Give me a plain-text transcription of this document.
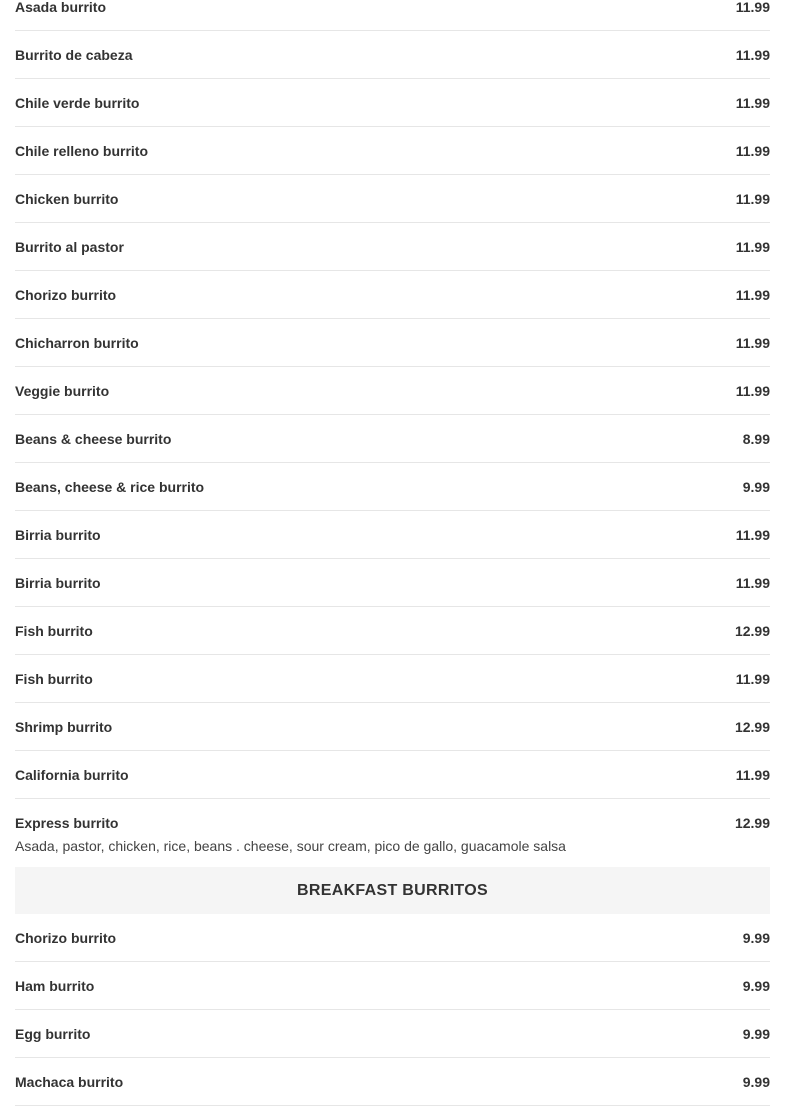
Asada burrito	11.99
Burrito de cabeza	11.99
Chile verde burrito	11.99
Chile relleno burrito	11.99
Chicken burrito	11.99
Burrito al pastor	11.99
Chorizo burrito	11.99
Chicharron burrito	11.99
Veggie burrito	11.99
Beans & cheese burrito	8.99
Beans, cheese & rice burrito	9.99
Birria burrito	11.99
Birria burrito	11.99
Fish burrito	12.99
Fish burrito	11.99
Shrimp burrito	12.99
California burrito	11.99
Express burrito	12.99
Asada, pastor, chicken, rice, beans . cheese, sour cream, pico de gallo, guacamole salsa
BREAKFAST BURRITOS
Chorizo burrito	9.99
Ham burrito	9.99
Egg burrito	9.99
Machaca burrito	9.99
